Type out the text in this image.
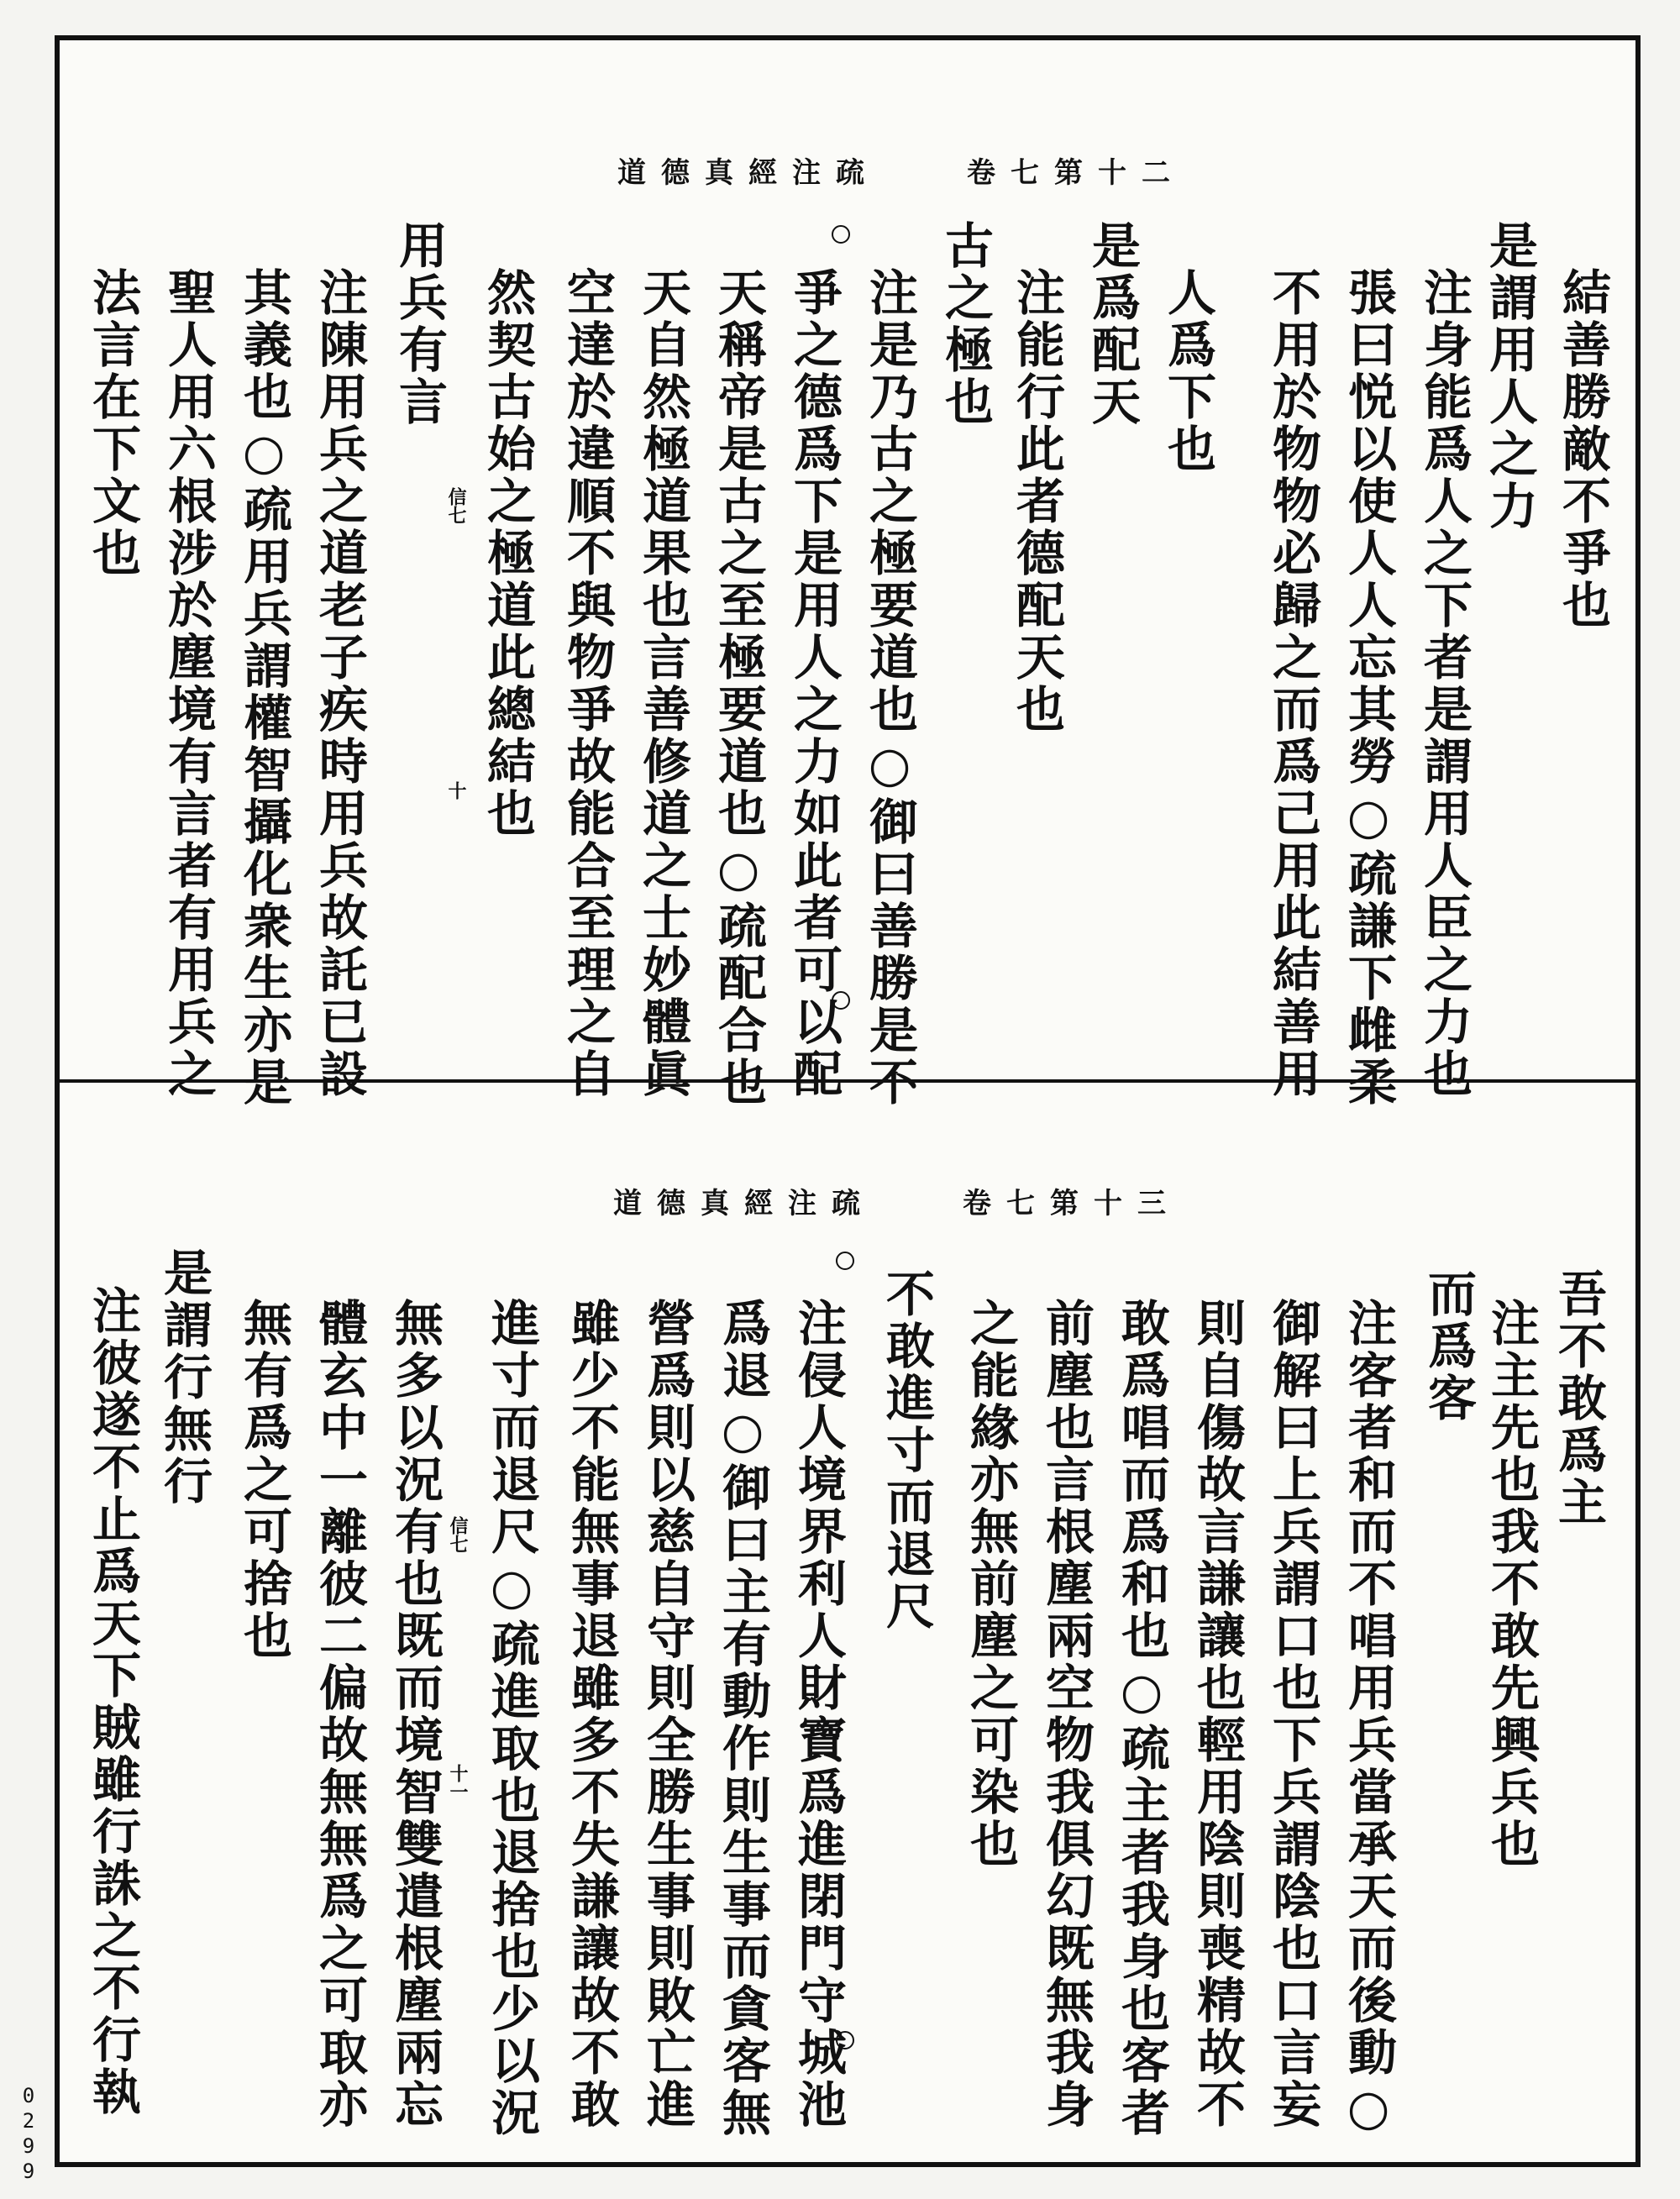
道德真經注疏　　卷七第十二
結善勝敵不爭也
注身能爲人之下者是謂用人臣之力也
張曰悦以使人人忘其勞○疏謙下雌柔
不用於物物必歸之而爲己用此結善用	是謂用人之力
人爲下也
是爲配天
注能行此者德配天也
古之極也
注是乃古之極要道也○御曰善勝是不
爭之德爲下是用人之力如此者可以配
天稱帝是古之至極要道也○疏配合也
天自然極道果也言善修道之士妙體眞
空達於違順不與物爭故能合至理之自
然契古始之極道此總結也
用兵有言
注陳用兵之道老子疾時用兵故託已設
其義也○疏用兵謂權智攝化衆生亦是
聖人用六根涉於塵境有言者有用兵之
法言在下文也	信七
十
道德真經注疏　　卷七第十三
吾不敢爲主
注主先也我不敢先興兵也
而爲客
注客者和而不唱用兵當承天而後動○
御解曰上兵謂口也下兵謂陰也口言妄
則自傷故言謙讓也輕用陰則喪精故不
敢爲唱而爲和也○疏主者我身也客者
前塵也言根塵兩空物我俱幻既無我身
之能緣亦無前塵之可染也
不敢進寸而退尺
注侵人境界利人財寶爲進閉門守城池
爲退○御曰主有動作則生事而貪客無
營爲則以慈自守則全勝生事則敗亡進
雖少不能無事退雖多不失謙讓故不敢
進寸而退尺○疏進取也退捨也少以況
無多以況有也既而境智雙遣根塵兩忘
體玄中一離彼二偏故無無爲之可取亦
無有爲之可捨也
是謂行無行
注彼遂不止爲天下賊雖行誅之不行執	信七
十一
0299
